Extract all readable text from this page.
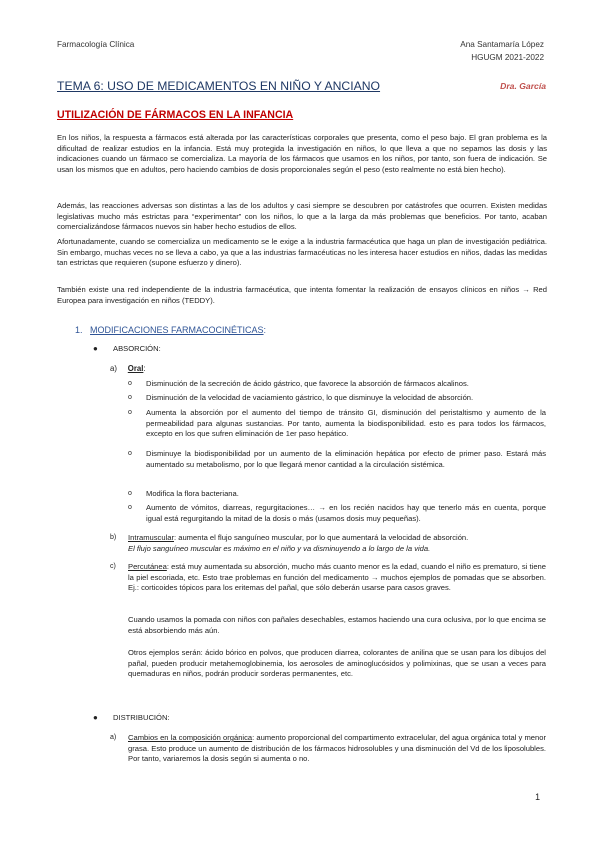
Farmacología Clínica	Ana Santamaría López
HGUGM 2021-2022
TEMA 6: USO DE MEDICAMENTOS EN NIÑO Y ANCIANO	Dra. García
UTILIZACIÓN DE FÁRMACOS EN LA INFANCIA

En los niños, la respuesta a fármacos está alterada por las características corporales que presenta, como el peso bajo. El gran problema es la dificultad de realizar estudios en la infancia. Está muy protegida la investigación en niños, lo que lleva a que no sepamos las dosis y las indicaciones cuando un fármaco se comercializa. La mayoría de los fármacos que usamos en los niños, por tanto, son fuera de indicación. Se usan los mismos que en adultos, pero haciendo cambios de dosis proporcionales según el peso (esto realmente no está bien hecho).

Además, las reacciones adversas son distintas a las de los adultos y casi siempre se descubren por catástrofes que ocurren. Existen medidas legislativas mucho más estrictas para “experimentar” con los niños, lo que a la larga da más problemas que beneficios. Por tanto, acaban comercializándose fármacos nuevos sin haber hecho estudios de ellos.

Afortunadamente, cuando se comercializa un medicamento se le exige a la industria farmacéutica que haga un plan de investigación pediátrica. Sin embargo, muchas veces no se lleva a cabo, ya que a las industrias farmacéuticas no les interesa hacer estudios en niños, dadas las medidas tan estrictas que requieren (supone esfuerzo y dinero).

También existe una red independiente de la industria farmacéutica, que intenta fomentar la realización de ensayos clínicos en niños → Red Europea para investigación en niños (TEDDY).

1. MODIFICACIONES FARMACOCINÉTICAS:
● ABSORCIÓN:
a) Oral:
o Disminución de la secreción de ácido gástrico, que favorece la absorción de fármacos alcalinos.
o Disminución de la velocidad de vaciamiento gástrico, lo que disminuye la velocidad de absorción.
o Aumenta la absorción por el aumento del tiempo de tránsito GI, disminución del peristaltismo y aumento de la permeabilidad para algunas sustancias. Por tanto, aumenta la biodisponibilidad. esto es para todos los fármacos, excepto en los que sufren eliminación de 1er paso hepático.
o Disminuye la biodisponibilidad por un aumento de la eliminación hepática por efecto de primer paso. Estará más aumentado su metabolismo, por lo que llegará menor cantidad a la circulación sistémica.
o Modifica la flora bacteriana.
o Aumento de vómitos, diarreas, regurgitaciones… → en los recién nacidos hay que tenerlo más en cuenta, porque igual está regurgitando la mitad de la dosis o más (usamos dosis muy pequeñas).
b) Intramuscular: aumenta el flujo sanguíneo muscular, por lo que aumentará la velocidad de absorción.
El flujo sanguíneo muscular es máximo en el niño y va disminuyendo a lo largo de la vida.
c) Percutánea: está muy aumentada su absorción, mucho más cuanto menor es la edad, cuando el niño es prematuro, si tiene la piel escoriada, etc. Esto trae problemas en función del medicamento → muchos ejemplos de pomadas que se absorben. Ej.: corticoides tópicos para los eritemas del pañal, que sólo deberán usarse para casos graves.
Cuando usamos la pomada con niños con pañales desechables, estamos haciendo una cura oclusiva, por lo que encima se está absorbiendo más aún.
Otros ejemplos serán: ácido bórico en polvos, que producen diarrea, colorantes de anilina que se usan para los dibujos del pañal, pueden producir metahemoglobinemia, los aerosoles de aminoglucósidos y polimixinas, que se usan a veces para quemaduras en niños, podrán producir sorderas permanentes, etc.
● DISTRIBUCIÓN:
a) Cambios en la composición orgánica: aumento proporcional del compartimento extracelular, del agua orgánica total y menor grasa. Esto produce un aumento de distribución de los fármacos hidrosolubles y una disminución del Vd de los liposolubles. Por tanto, variaremos la dosis según si aumenta o no.
1
